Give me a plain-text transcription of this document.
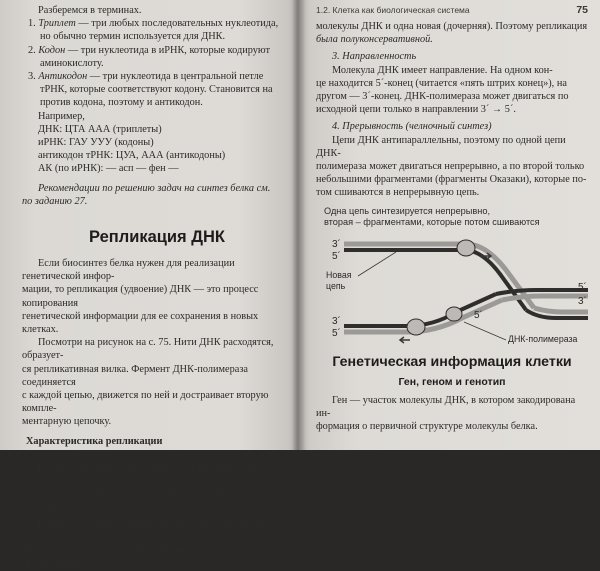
Разберемся в терминах.

1. Триплет — три любых последовательных нуклеотида,
но обычно термин используется для ДНК.
2. Кодон — три нуклеотида в иРНК, которые кодируют
аминокислоту.
3. Антикодон — три нуклеотида в центральной петле
тРНК, которые соответствуют кодону. Становится на
против кодона, поэтому и антикодон.
Например,
ДНК: ЦТА ААА (триплеты)
иРНК: ГАУ УУУ (кодоны)
антикодон тРНК: ЦУА, ААА (антикодоны)
АК (по иРНК): — асп — фен —
Рекомендации по решению задач на синтез белка см.
по заданию 27.
Репликация ДНК
Если биосинтез белка нужен для реализации генетической инфор-
мации, то репликация (удвоение) ДНК — это процесс копирования
генетической информации для ее сохранения в новых клетках.
Посмотри на рисунок на с. 75. Нити ДНК расходятся, образует-
ся репликативная вилка. Фермент ДНК-полимераза соединяется
с каждой цепью, движется по ней и достраивает вторую компле-
ментарную цепочку.
Характеристика репликации
1. Матричность
Последовательность новой цепи определяется по матрице
(исходной цепи) по принципу комплементарности.
2. Полуконсервативность
В итоге из одной молекулы мы получаем две. В каждой из
них находится одна старая (материнская) цепь (из предыдущей
1.2. Клетка как биологическая система	75
молекулы ДНК и одна новая (дочерняя). Поэтому репликация
была полуконсервативной.
3. Направленность
Молекула ДНК имеет направление. На одном кон-
це находится 5´-конец (читается «пять штрих конец»), на
другом — 3´-конец. ДНК-полимераза может двигаться по
исходной цепи только в направлении 3´ → 5´.
4. Прерывность (челночный синтез)
Цепи ДНК антипараллельны, поэтому по одной цепи ДНК-
полимераза может двигаться непрерывно, а по второй только
небольшими фрагментами (фрагменты Оказаки), которые по-
том сшиваются в непрерывную цепь.
Одна цепь синтезируется непрерывно,
вторая – фрагментами, которые потом сшиваются
3´
5´
Новая
цепь
3´
5´
5´
3´
5´
ДНК-полимераза
Генетическая информация клетки
Ген, геном и генотип
Ген — участок молекулы ДНК, в котором закодирована ин-
формация о первичной структуре молекулы белка.
